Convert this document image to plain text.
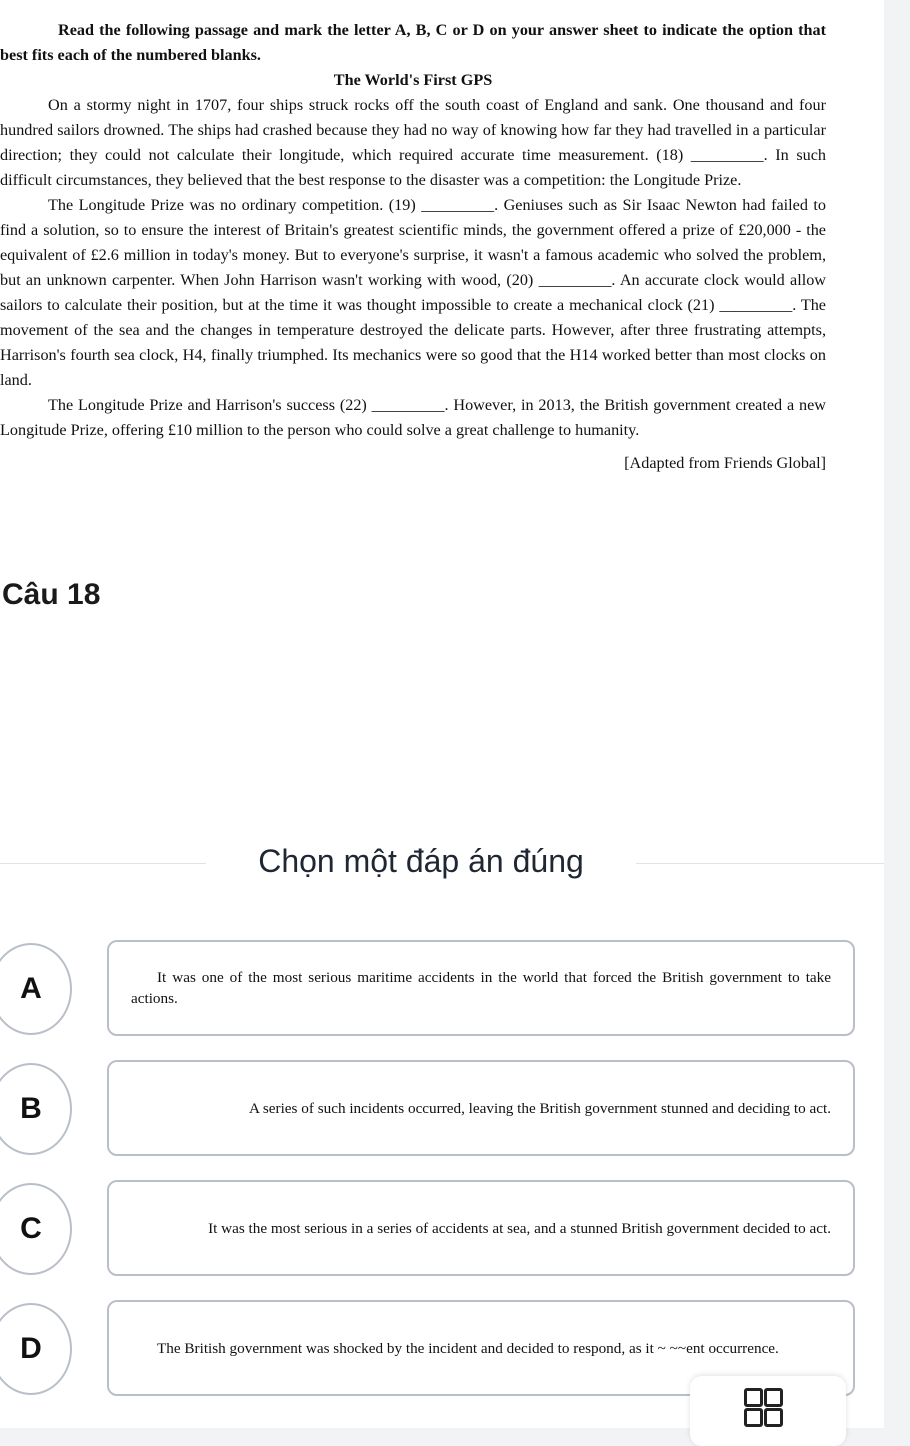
Read the following passage and mark the letter A, B, C or D on your answer sheet to indicate the option that best fits each of the numbered blanks.

The World's First GPS

On a stormy night in 1707, four ships struck rocks off the south coast of England and sank. One thousand and four hundred sailors drowned. The ships had crashed because they had no way of knowing how far they had travelled in a particular direction; they could not calculate their longitude, which required accurate time measurement. (18) _________. In such difficult circumstances, they believed that the best response to the disaster was a competition: the Longitude Prize.

The Longitude Prize was no ordinary competition. (19) _________. Geniuses such as Sir Isaac Newton had failed to find a solution, so to ensure the interest of Britain's greatest scientific minds, the government offered a prize of £20,000 - the equivalent of £2.6 million in today's money. But to everyone's surprise, it wasn't a famous academic who solved the problem, but an unknown carpenter. When John Harrison wasn't working with wood, (20) _________. An accurate clock would allow sailors to calculate their position, but at the time it was thought impossible to create a mechanical clock (21) _________. The movement of the sea and the changes in temperature destroyed the delicate parts. However, after three frustrating attempts, Harrison's fourth sea clock, H4, finally triumphed. Its mechanics were so good that the H14 worked better than most clocks on land.

The Longitude Prize and Harrison's success (22) _________. However, in 2013, the British government created a new Longitude Prize, offering £10 million to the person who could solve a great challenge to humanity.

[Adapted from Friends Global]

Câu 18
Chọn một đáp án đúng
A	It was one of the most serious maritime accidents in the world that forced the British government to take actions.
B	A series of such incidents occurred, leaving the British government stunned and deciding to act.
C	It was the most serious in a series of accidents at sea, and a stunned British government decided to act.
D	The British government was shocked by the incident and decided to respond, as it ~ ~~ent occurrence.
